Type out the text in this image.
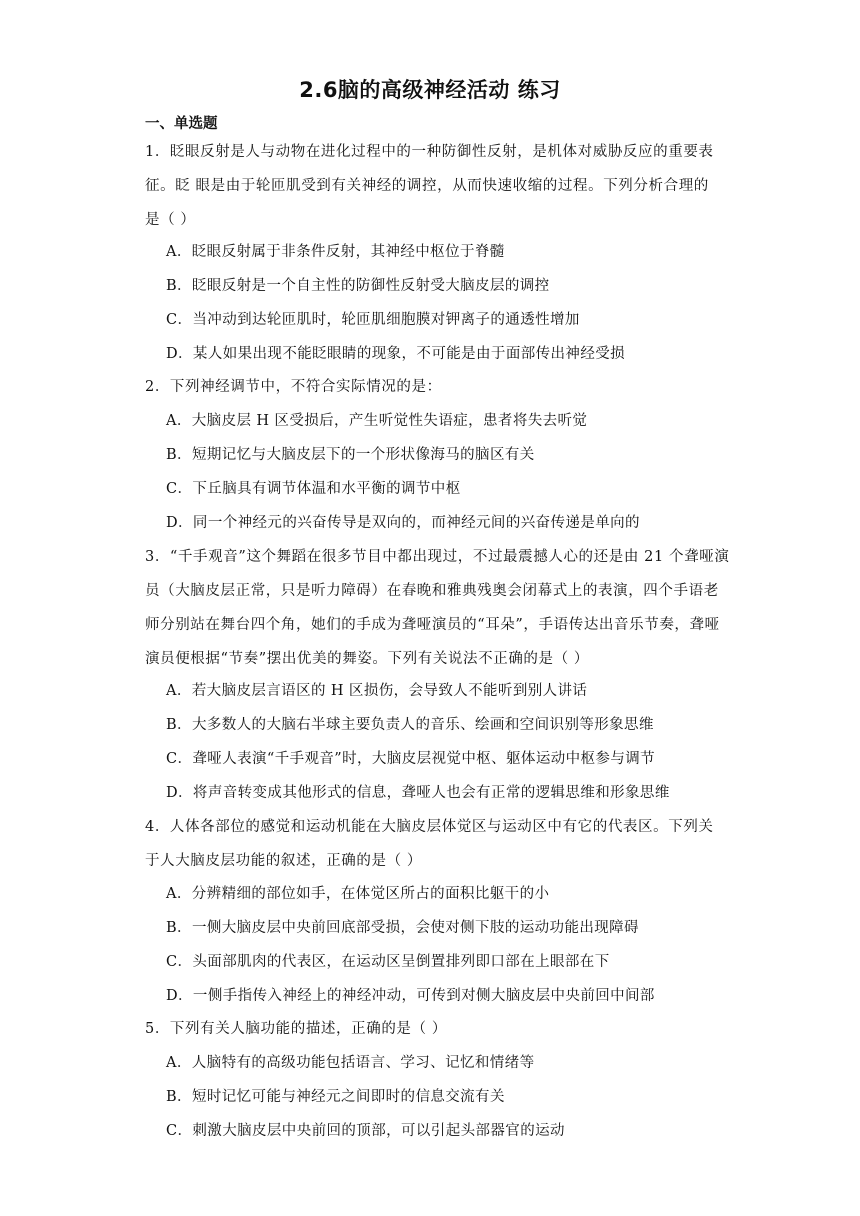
2.6脑的高级神经活动 练习
一、单选题
1．眨眼反射是人与动物在进化过程中的一种防御性反射，是机体对威胁反应的重要表
征。眨 眼是由于轮匝肌受到有关神经的调控，从而快速收缩的过程。下列分析合理的
是（ ）
A．眨眼反射属于非条件反射，其神经中枢位于脊髓
B．眨眼反射是一个自主性的防御性反射受大脑皮层的调控
C．当冲动到达轮匝肌时，轮匝肌细胞膜对钾离子的通透性增加
D．某人如果出现不能眨眼睛的现象，不可能是由于面部传出神经受损
2．下列神经调节中，不符合实际情况的是：
A．大脑皮层 H 区受损后，产生听觉性失语症，患者将失去听觉
B．短期记忆与大脑皮层下的一个形状像海马的脑区有关
C．下丘脑具有调节体温和水平衡的调节中枢
D．同一个神经元的兴奋传导是双向的，而神经元间的兴奋传递是单向的
3．“千手观音”这个舞蹈在很多节目中都出现过，不过最震撼人心的还是由 21 个聋哑演
员（大脑皮层正常，只是听力障碍）在春晚和雅典残奥会闭幕式上的表演，四个手语老
师分别站在舞台四个角，她们的手成为聋哑演员的“耳朵”，手语传达出音乐节奏，聋哑
演员便根据“节奏”摆出优美的舞姿。下列有关说法不正确的是（ ）
A．若大脑皮层言语区的 H 区损伤，会导致人不能听到别人讲话
B．大多数人的大脑右半球主要负责人的音乐、绘画和空间识别等形象思维
C．聋哑人表演“千手观音”时，大脑皮层视觉中枢、躯体运动中枢参与调节
D．将声音转变成其他形式的信息，聋哑人也会有正常的逻辑思维和形象思维
4．人体各部位的感觉和运动机能在大脑皮层体觉区与运动区中有它的代表区。下列关
于人大脑皮层功能的叙述，正确的是（ ）
A．分辨精细的部位如手，在体觉区所占的面积比躯干的小
B．一侧大脑皮层中央前回底部受损，会使对侧下肢的运动功能出现障碍
C．头面部肌肉的代表区，在运动区呈倒置排列即口部在上眼部在下
D．一侧手指传入神经上的神经冲动，可传到对侧大脑皮层中央前回中间部
5．下列有关人脑功能的描述，正确的是（ ）
A．人脑特有的高级功能包括语言、学习、记忆和情绪等
B．短时记忆可能与神经元之间即时的信息交流有关
C．刺激大脑皮层中央前回的顶部，可以引起头部器官的运动
